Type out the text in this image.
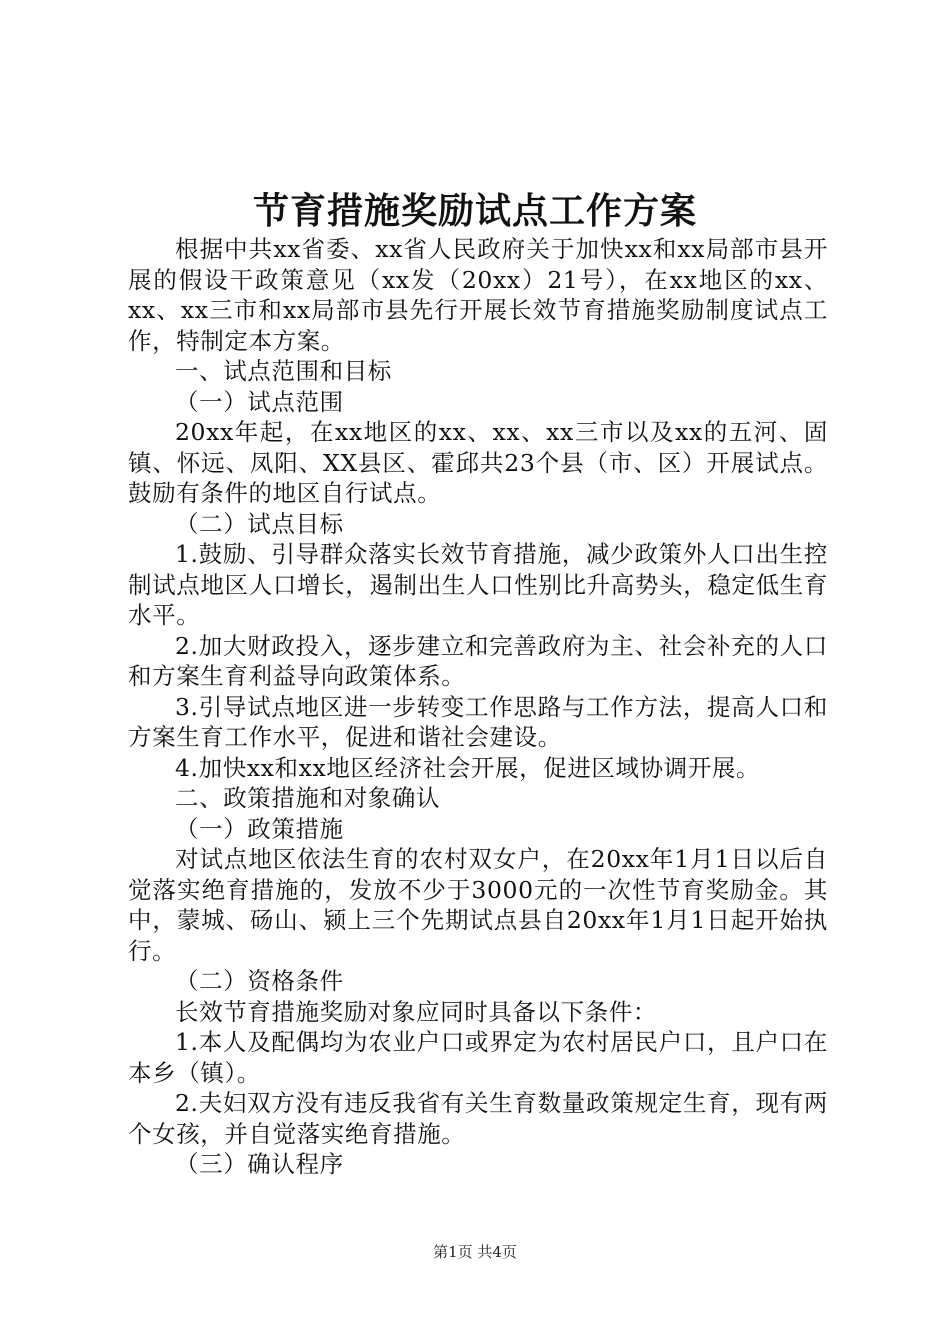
节育措施奖励试点工作方案

根据中共xx省委、xx省人民政府关于加快xx和xx局部市县开展的假设干政策意见（xx发（20xx）21号），在xx地区的xx、xx、xx三市和xx局部市县先行开展长效节育措施奖励制度试点工作，特制定本方案。

一、试点范围和目标

（一）试点范围

20xx年起，在xx地区的xx、xx、xx三市以及xx的五河、固镇、怀远、凤阳、XX县区、霍邱共23个县（市、区）开展试点。鼓励有条件的地区自行试点。

（二）试点目标

1.鼓励、引导群众落实长效节育措施，减少政策外人口出生控制试点地区人口增长，遏制出生人口性别比升高势头，稳定低生育水平。

2.加大财政投入，逐步建立和完善政府为主、社会补充的人口和方案生育利益导向政策体系。

3.引导试点地区进一步转变工作思路与工作方法，提高人口和方案生育工作水平，促进和谐社会建设。

4.加快xx和xx地区经济社会开展，促进区域协调开展。

二、政策措施和对象确认

（一）政策措施

对试点地区依法生育的农村双女户，在20xx年1月1日以后自觉落实绝育措施的，发放不少于3000元的一次性节育奖励金。其中，蒙城、砀山、颍上三个先期试点县自20xx年1月1日起开始执行。

（二）资格条件

长效节育措施奖励对象应同时具备以下条件：

1.本人及配偶均为农业户口或界定为农村居民户口，且户口在本乡（镇）。

2.夫妇双方没有违反我省有关生育数量政策规定生育，现有两个女孩，并自觉落实绝育措施。

（三）确认程序

第1页 共4页
